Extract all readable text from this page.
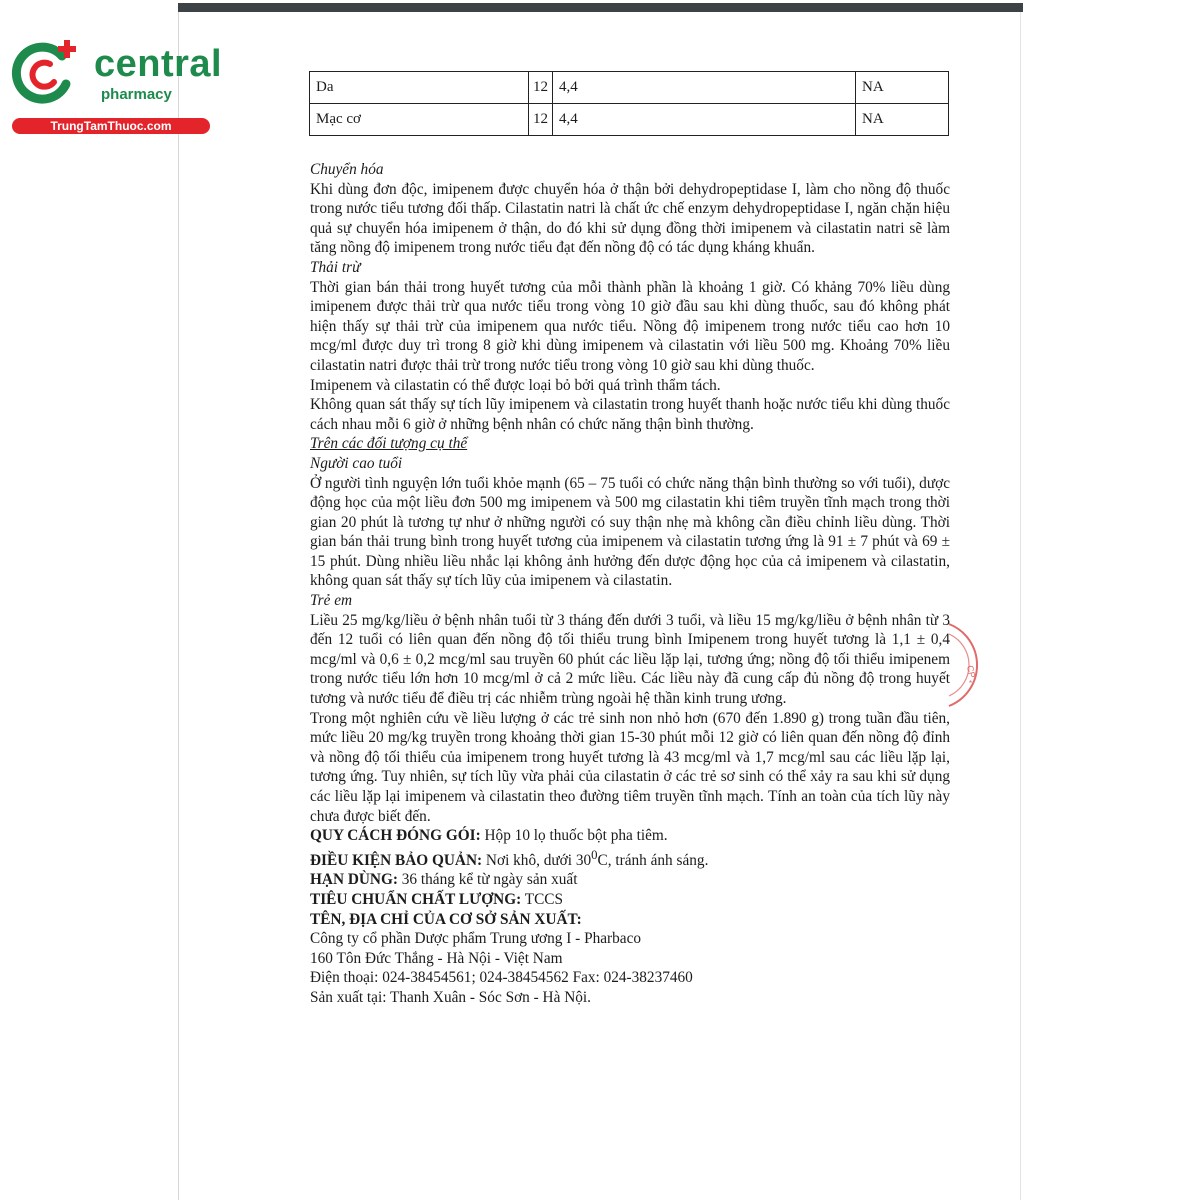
central
pharmacy
TrungTamThuoc.com
Da	12	4,4	NA
Mạc cơ	12	4,4	NA

Chuyển hóa

Khi dùng đơn độc, imipenem được chuyển hóa ở thận bởi dehydropeptidase I, làm cho nồng độ thuốc trong nước tiểu tương đối thấp. Cilastatin natri là chất ức chế enzym dehydropeptidase I, ngăn chặn hiệu quả sự chuyển hóa imipenem ở thận, do đó khi sử dụng đồng thời imipenem và cilastatin natri sẽ làm tăng nồng độ imipenem trong nước tiểu đạt đến nồng độ có tác dụng kháng khuẩn.

Thải trừ

Thời gian bán thải trong huyết tương của mỗi thành phần là khoảng 1 giờ. Có khảng 70% liều dùng imipenem được thải trừ qua nước tiểu trong vòng 10 giờ đầu sau khi dùng thuốc, sau đó không phát hiện thấy sự thải trừ của imipenem qua nước tiểu. Nồng độ imipenem trong nước tiểu cao hơn 10 mcg/ml được duy trì trong 8 giờ khi dùng imipenem và cilastatin với liều 500 mg. Khoảng 70% liều cilastatin natri được thải trừ trong nước tiểu trong vòng 10 giờ sau khi dùng thuốc.

Imipenem và cilastatin có thể được loại bỏ bởi quá trình thẩm tách.

Không quan sát thấy sự tích lũy imipenem và cilastatin trong huyết thanh hoặc nước tiểu khi dùng thuốc cách nhau mỗi 6 giờ ở những bệnh nhân có chức năng thận bình thường.

Trên các đối tượng cụ thể

Người cao tuổi

Ở người tình nguyện lớn tuổi khỏe mạnh (65 – 75 tuổi có chức năng thận bình thường so với tuổi), dược động học của một liều đơn 500 mg imipenem và 500 mg cilastatin khi tiêm truyền tĩnh mạch trong thời gian 20 phút là tương tự như ở những người có suy thận nhẹ mà không cần điều chỉnh liều dùng. Thời gian bán thải trung bình trong huyết tương của imipenem và cilastatin tương ứng là 91 ± 7 phút và 69 ± 15 phút. Dùng nhiều liều nhắc lại không ảnh hưởng đến dược động học của cả imipenem và cilastatin, không quan sát thấy sự tích lũy của imipenem và cilastatin.

Trẻ em

Liều 25 mg/kg/liều ở bệnh nhân tuổi từ 3 tháng đến dưới 3 tuổi, và liều 15 mg/kg/liều ở bệnh nhân từ 3 đến 12 tuổi có liên quan đến nồng độ tối thiểu trung bình Imipenem trong huyết tương là 1,1 ± 0,4 mcg/ml và 0,6 ± 0,2 mcg/ml sau truyền 60 phút các liều lặp lại, tương ứng; nồng độ tối thiểu imipenem trong nước tiểu lớn hơn 10 mcg/ml ở cả 2 mức liều. Các liều này đã cung cấp đủ nồng độ trong huyết tương và nước tiểu để điều trị các nhiễm trùng ngoài hệ thần kinh trung ương.

Trong một nghiên cứu về liều lượng ở các trẻ sinh non nhỏ hơn (670 đến 1.890 g) trong tuần đầu tiên, mức liều 20 mg/kg truyền trong khoảng thời gian 15-30 phút mỗi 12 giờ có liên quan đến nồng độ đỉnh và nồng độ tối thiểu của imipenem trong huyết tương là 43 mcg/ml và 1,7 mcg/ml sau các liều lặp lại, tương ứng. Tuy nhiên, sự tích lũy vừa phải của cilastatin ở các trẻ sơ sinh có thể xảy ra sau khi sử dụng các liều lặp lại imipenem và cilastatin theo đường tiêm truyền tĩnh mạch. Tính an toàn của tích lũy này chưa được biết đến.

QUY CÁCH ĐÓNG GÓI: Hộp 10 lọ thuốc bột pha tiêm.

ĐIỀU KIỆN BẢO QUẢN: Nơi khô, dưới $30^0C$, tránh ánh sáng.

HẠN DÙNG: 36 tháng kể từ ngày sản xuất

TIÊU CHUẨN CHẤT LƯỢNG: TCCS

TÊN, ĐỊA CHỈ CỦA CƠ SỞ SẢN XUẤT:

Công ty cổ phần Dược phẩm Trung ương I - Pharbaco

160 Tôn Đức Thắng - Hà Nội - Việt Nam

Điện thoại: 024-38454561; 024-38454562 Fax: 024-38237460

Sản xuất tại: Thanh Xuân - Sóc Sơn - Hà Nội.

CP
*
